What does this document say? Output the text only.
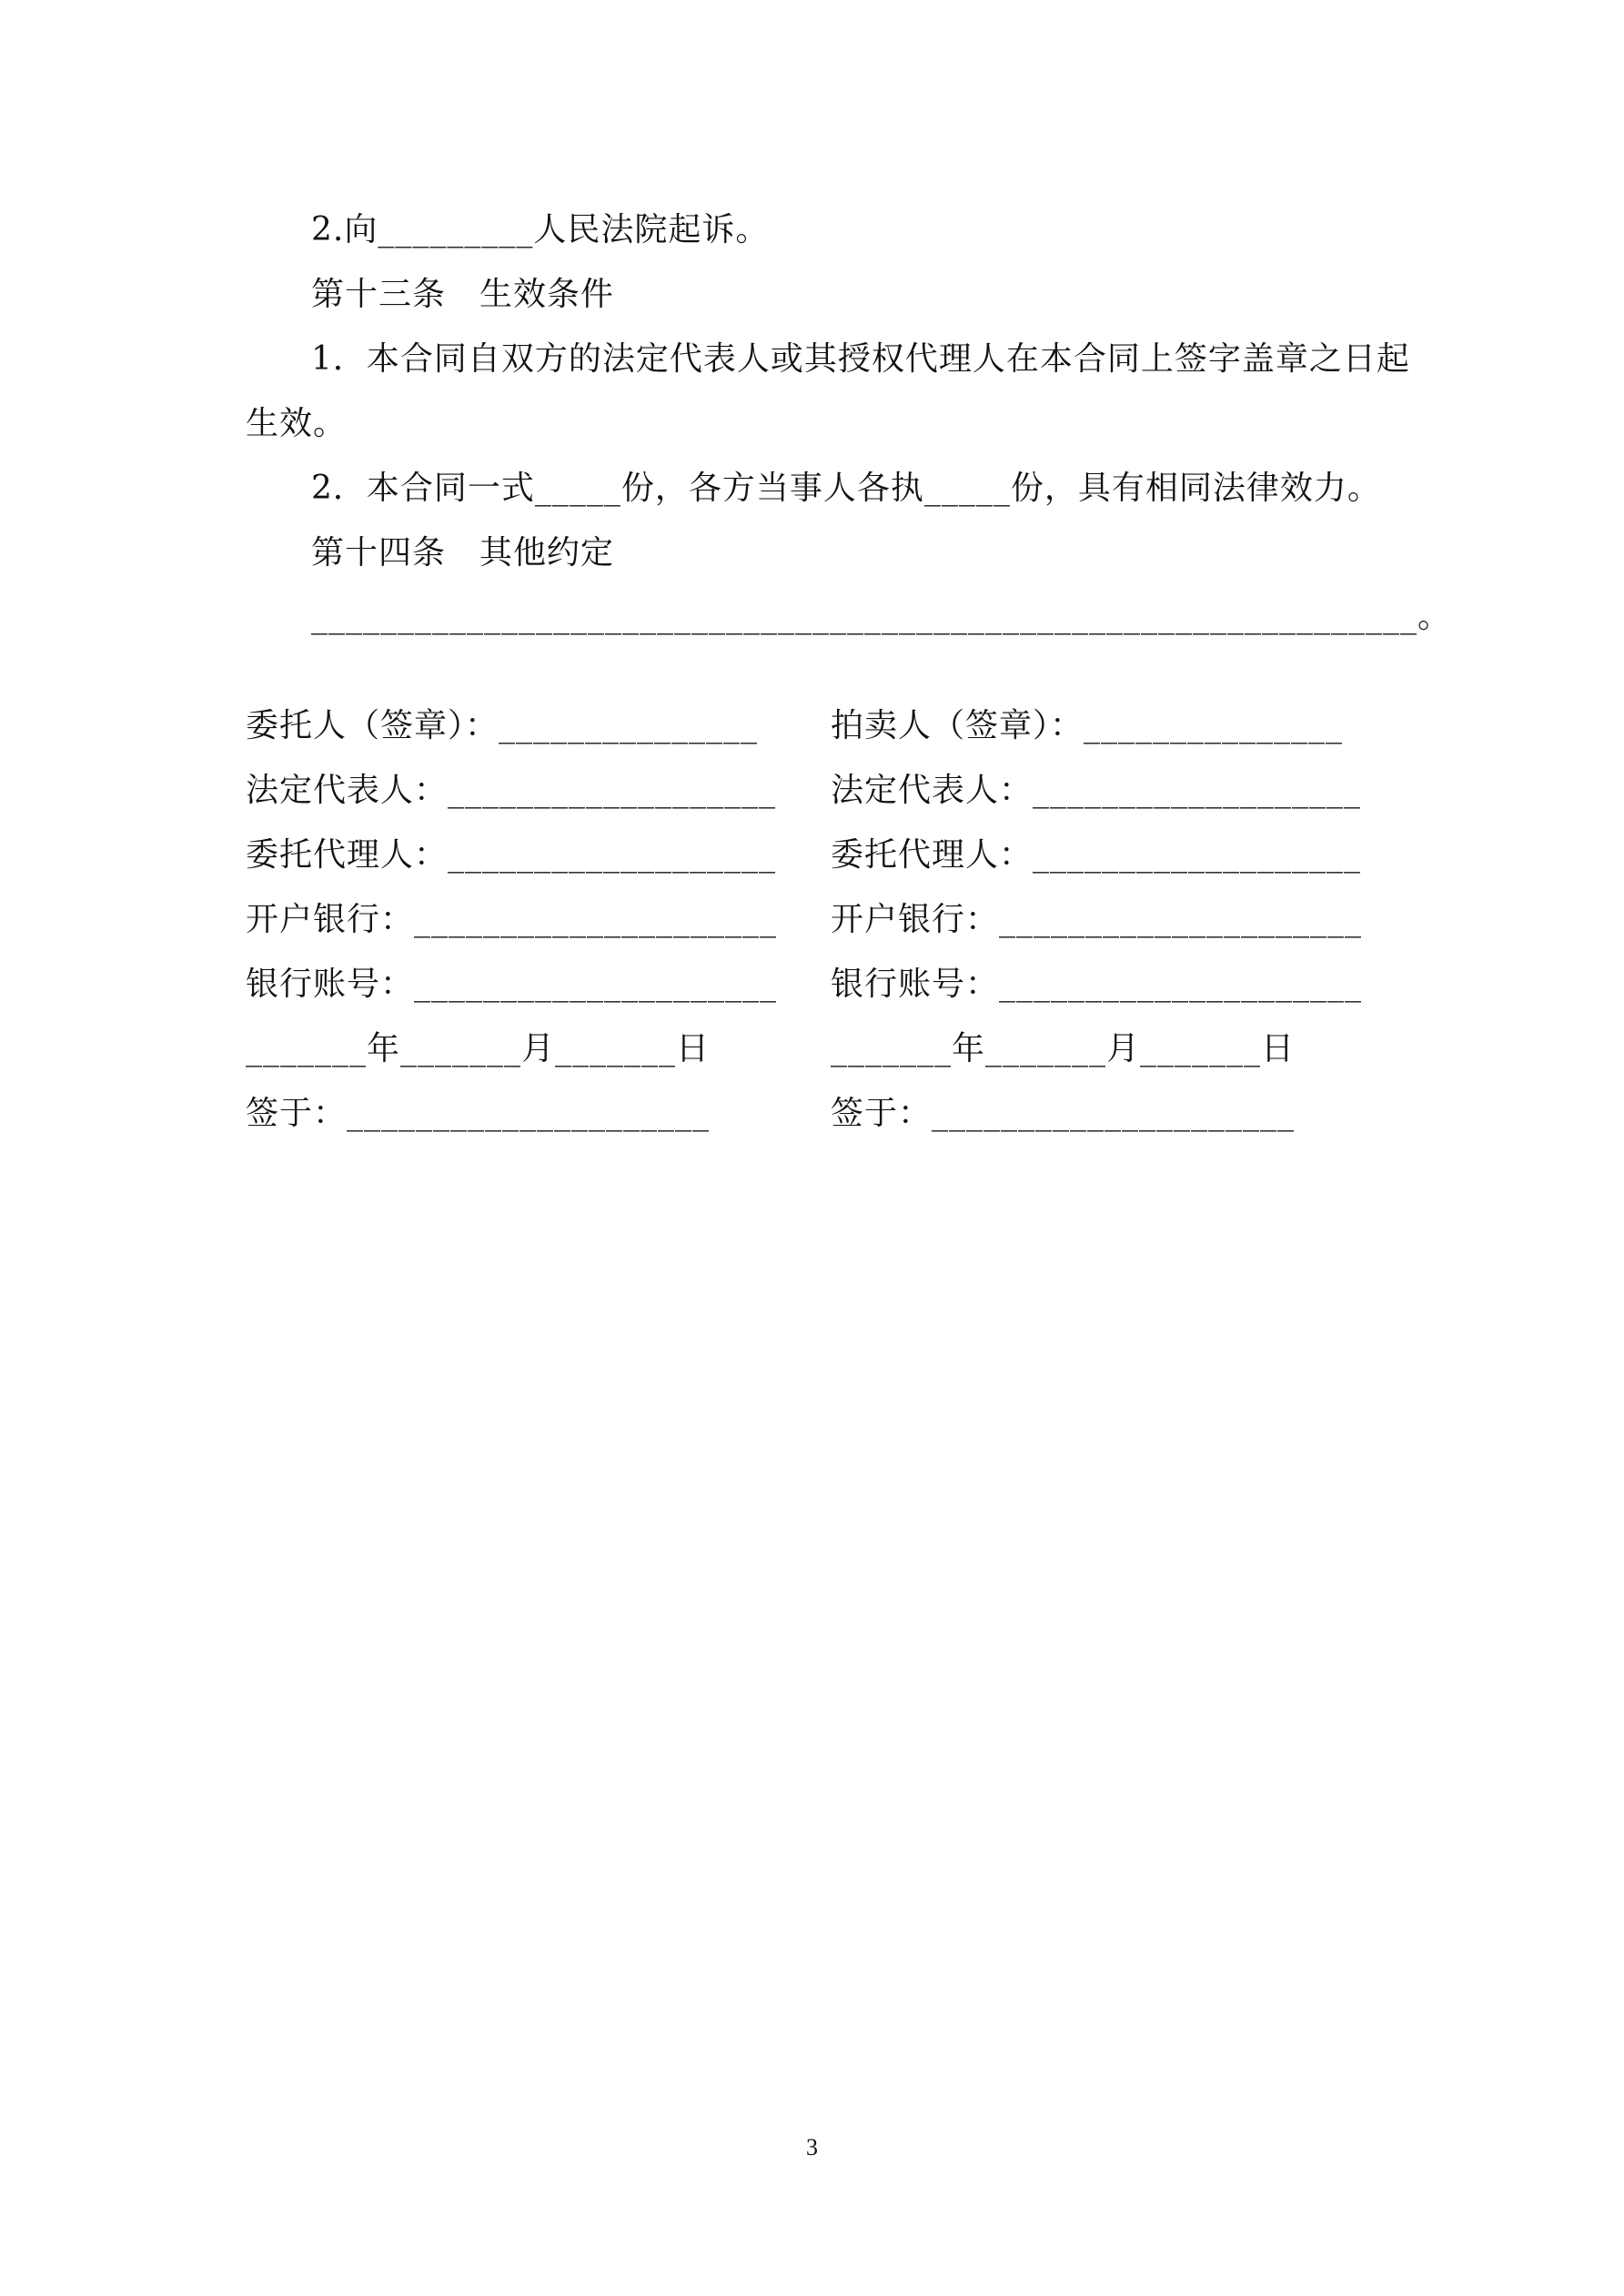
2.向_________人民法院起诉。
第十三条　生效条件
1．本合同自双方的法定代表人或其授权代理人在本合同上签字盖章之日起
生效。
2．本合同一式_____份，各方当事人各执_____份，具有相同法律效力。
第十四条　其他约定
________________________________________________________________。
委托人（签章）：_______________
法定代表人：___________________
委托代理人：___________________
开户银行：_____________________
银行账号：_____________________
_______年_______月_______日
签于：_____________________
拍卖人（签章）：_______________
法定代表人：___________________
委托代理人：___________________
开户银行：_____________________
银行账号：_____________________
_______年_______月_______日
签于：_____________________
3
